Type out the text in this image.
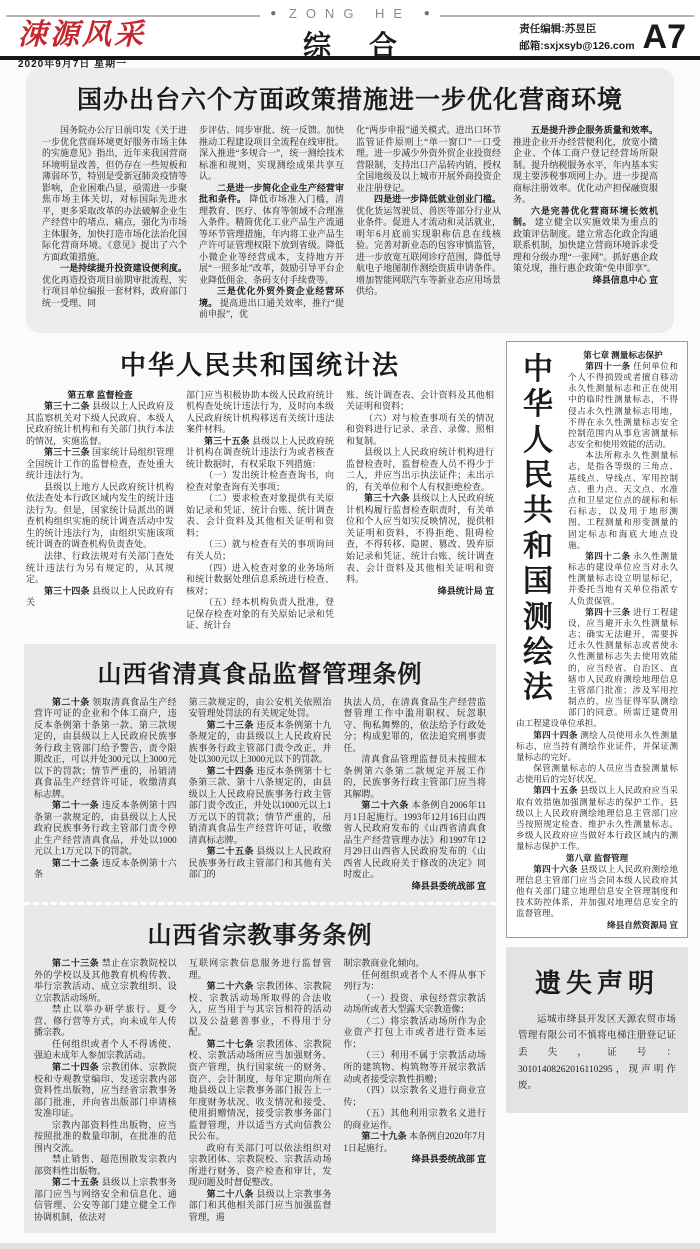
● ZONG HE ●
涑源风采
2020年9月7日 星期一
综合
责任编辑:苏昱臣
邮箱:sxjxsyb@126.com A7
国办出台六个方面政策措施进一步优化营商环境

国务院办公厅日前印发《关于进一步优化营商环境更好服务市场主体的实施意见》指出，近年来我国营商环境明显改善，但仍存在一些短板和薄弱环节，特别是受新冠肺炎疫情等影响，企业困难凸显，亟需进一步聚焦市场主体关切，对标国际先进水平，更多采取改革的办法破解企业生产经营中的堵点、痛点，强化为市场主体服务，加快打造市场化法治化国际化营商环境。《意见》提出了六个方面政策措施。

一是持续提升投资建设便利度。 优化再造投资项目前期审批流程，实行项目单位编报一套材料，政府部门统一受理、同

步评估、同步审批、统一反馈。加快推动工程建设项目全流程在线审批。深入推进“多规合一”，统一测绘技术标准和规则，实现测绘成果共享互认。

二是进一步简化企业生产经营审批和条件。 降低市场准入门槛，清理教育、医疗、体育等领域不合理准入条件。精简优化工业产品生产流通等环节管理措施，年内将工业产品生产许可证管理权限下放到省级。降低小微企业等经营成本，支持地方开展“一照多址”改革，鼓励引导平台企业降低佣金、条码支付手续费等。

三是优化外贸外资企业经营环境。 提高进出口通关效率，推行“提前申报”，优

化“两步申报”通关模式。进出口环节监管证件原则上“单一窗口”一口受理。进一步减少外资外贸企业投资经营限制，支持出口产品转内销，授权全国地级及以上城市开展外商投资企业注册登记。

四是进一步降低就业创业门槛。 优化货运驾驶员、兽医等部分行业从业条件。促进人才流动和灵活就业，明年6月底前实现职称信息在线核验。完善对新业态的包容审慎监管，进一步放宽互联网诊疗范围，降低导航电子地图制作测绘资质申请条件。增加智能网联汽车等新业态应用场景供给。

五是提升涉企服务质量和效率。 推进企业开办经营便利化，放宽小微企业、个体工商户登记经营场所限制。提升纳税服务水平，年内基本实现主要涉税事项网上办。进一步提高商标注册效率。优化动产担保融资服务。

六是完善优化营商环境长效机制。 建立健全以实施效果为重点的政策评估制度。建立常态化政企沟通联系机制，加快建立营商环境诉求受理和分级办理“一张网”。抓好惠企政策兑现，推行惠企政策“免申即享”。

绛县信息中心 宣

中华人民共和国统计法

第五章 监督检查

第三十二条 县级以上人民政府及其监察机关对下级人民政府、本级人民政府统计机构和有关部门执行本法的情况，实施监督。

第三十三条 国家统计局组织管理全国统计工作的监督检查，查处重大统计违法行为。

县级以上地方人民政府统计机构依法查处本行政区域内发生的统计违法行为。但是，国家统计局派出的调查机构组织实施的统计调查活动中发生的统计违法行为，由组织实施该项统计调查的调查机构负责查处。

法律、行政法规对有关部门查处统计违法行为另有规定的，从其规定。

第三十四条 县级以上人民政府有关

部门应当积极协助本级人民政府统计机构查处统计违法行为，及时向本级人民政府统计机构移送有关统计违法案件材料。

第三十五条 县级以上人民政府统计机构在调查统计违法行为或者核查统计数据时，有权采取下列措施：

（一）发出统计检查查询书，向检查对象查询有关事项；

（二）要求检查对象提供有关原始记录和凭证、统计台账、统计调查表、会计资料及其他相关证明和资料；

（三）就与检查有关的事项询问有关人员；

（四）进入检查对象的业务场所和统计数据处理信息系统进行检查、核对；

（五）经本机构负责人批准，登记保存检查对象的有关原始记录和凭证、统计台

账、统计调查表、会计资料及其他相关证明和资料；

（六）对与检查事项有关的情况和资料进行记录、录音、录像、照相和复制。

县级以上人民政府统计机构进行监督检查时，监督检查人员不得少于二人，并应当出示执法证件；未出示的，有关单位和个人有权拒绝检查。

第三十六条 县级以上人民政府统计机构履行监督检查职责时，有关单位和个人应当如实反映情况，提供相关证明和资料，不得拒绝、阻碍检查，不得转移、隐匿、篡改、毁弃原始记录和凭证、统计台账、统计调查表、会计资料及其他相关证明和资料。

绛县统计局 宣

山西省清真食品监督管理条例

第二十条 领取清真食品生产经营许可证的企业和个体工商户，违反本条例第十条第一款、第三款规定的，由县级以上人民政府民族事务行政主管部门给予警告，责令限期改正，可以并处300元以上3000元以下的罚款；情节严重的，吊销清真食品生产经营许可证，收缴清真标志牌。

第二十一条 违反本条例第十四条第一款规定的，由县级以上人民政府民族事务行政主管部门责令停止生产经营清真食品，并处以1000元以上1万元以下的罚款。

第二十二条 违反本条例第十六条

第三款规定的，由公安机关依照治安管理处罚法的有关规定处罚。

第二十三条 违反本条例第十九条规定的，由县级以上人民政府民族事务行政主管部门责令改正，并处以300元以上3000元以下的罚款。

第二十四条 违反本条例第十七条第三款、第十八条规定的，由县级以上人民政府民族事务行政主管部门责令改正，并处以1000元以上1万元以下的罚款；情节严重的，吊销清真食品生产经营许可证，收缴清真标志牌。

第二十五条 县级以上人民政府民族事务行政主管部门和其他有关部门的

执法人员，在清真食品生产经营监督管理工作中滥用职权、玩忽职守、徇私舞弊的，依法给予行政处分；构成犯罪的，依法追究刑事责任。

清真食品管理监督员未按照本条例第六条第二款规定开展工作的，民族事务行政主管部门应当将其解聘。

第二十六条 本条例自2006年11月1日起施行。1993年12月16日山西省人民政府发布的《山西省清真食品生产经营管理办法》和1997年12月29日山西省人民政府发布的《山西省人民政府关于修改的决定》同时废止。

绛县县委统战部 宣

山西省宗教事务条例

第二十三条 禁止在宗教院校以外的学校以及其他教育机构传教、举行宗教活动、成立宗教组织、设立宗教活动场所。

禁止以举办研学旅行、夏令营、修行营等方式，向未成年人传播宗教。

任何组织或者个人不得诱使、强迫未成年人参加宗教活动。

第二十四条 宗教团体、宗教院校和寺观教堂编印、发送宗教内部资料性出版物，应当经省宗教事务部门批准，并向省出版部门申请核发准印证。

宗教内部资料性出版物，应当按照批准的数量印制，在批准的范围内交流。

禁止销售、超范围散发宗教内部资料性出版物。

第二十五条 县级以上宗教事务部门应当与网络安全和信息化、通信管理、公安等部门建立健全工作协调机制，依法对

互联网宗教信息服务进行监督管理。

第二十六条 宗教团体、宗教院校、宗教活动场所取得的合法收入，应当用于与其宗旨相符的活动以及公益慈善事业，不得用于分配。

第二十七条 宗教团体、宗教院校、宗教活动场所应当加强财务、资产管理，执行国家统一的财务、资产、会计制度，每年定期向所在地县级以上宗教事务部门报告上一年度财务状况、收支情况和接受、使用捐赠情况，接受宗教事务部门监督管理，并以适当方式向信教公民公布。

政府有关部门可以依法组织对宗教团体、宗教院校、宗教活动场所进行财务、资产检查和审计，发现问题及时督促整改。

第二十八条 县级以上宗教事务部门和其他相关部门应当加强监督管理，遏

制宗教商业化倾向。

任何组织或者个人不得从事下列行为：

（一）投资、承包经营宗教活动场所或者大型露天宗教造像；

（二）将宗教活动场所作为企业资产打包上市或者进行资本运作；

（三）利用不属于宗教活动场所的建筑物、构筑物等开展宗教活动或者接受宗教性捐赠；

（四）以宗教名义进行商业宣传；

（五）其他利用宗教名义进行的商业运作。

第二十九条 本条例自2020年7月1日起施行。

绛县县委统战部 宣

中
华
人
民
共
和
国
测
绘
法

第七章 测量标志保护

第四十一条 任何单位和个人不得损毁或者擅自移动永久性测量标志和正在使用中的临时性测量标志，不得侵占永久性测量标志用地，不得在永久性测量标志安全控制范围内从事危害测量标志安全和使用效能的活动。

本法所称永久性测量标志，是指各等级的三角点、基线点、导线点、军用控制点、重力点、天文点、水准点和卫星定位点的觇标和标石标志，以及用于地形测图、工程测量和形变测量的固定标志和海底大地点设施。

第四十二条 永久性测量标志的建设单位应当对永久性测量标志设立明显标记，并委托当地有关单位指派专人负责保管。

第四十三条 进行工程建设，应当避开永久性测量标志；确实无法避开，需要拆迁永久性测量标志或者使永久性测量标志失去使用效能的，应当经省、自治区、直辖市人民政府测绘地理信息主管部门批准；涉及军用控制点的，应当征得军队测绘部门的同意。所需迁建费用由工程建设单位承担。

第四十四条 测绘人员使用永久性测量标志，应当持有测绘作业证件，并保证测量标志的完好。

保管测量标志的人员应当查验测量标志使用后的完好状况。

第四十五条 县级以上人民政府应当采取有效措施加强测量标志的保护工作。县级以上人民政府测绘地理信息主管部门应当按照规定检查、维护永久性测量标志。乡级人民政府应当做好本行政区域内的测量标志保护工作。

第八章 监督管理

第四十六条 县级以上人民政府测绘地理信息主管部门应当会同本级人民政府其他有关部门建立地理信息安全管理制度和技术防控体系，并加强对地理信息安全的监督管理。

绛县自然资源局 宣

遗失声明

运城市绛县开发区天源农贸市场管理有限公司不慎将电梯注册登记证丢失，证号：30101408262016110295，现声明作废。
